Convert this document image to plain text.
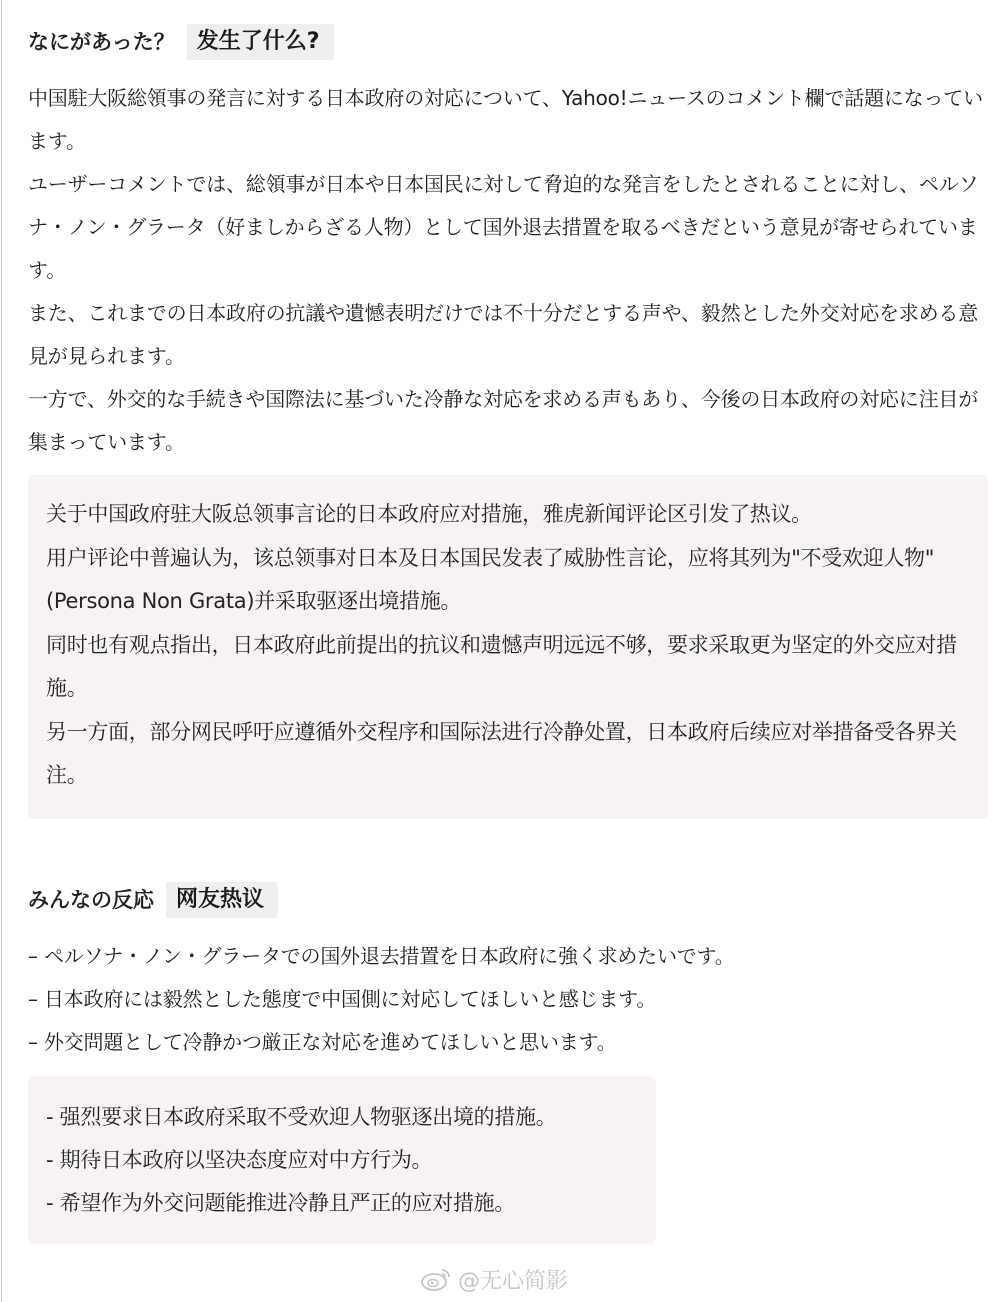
なにがあった？ 发生了什么?

中国駐大阪総領事の発言に対する日本政府の対応について、Yahoo!ニュースのコメント欄で話題になっています。

ユーザーコメントでは、総領事が日本や日本国民に対して脅迫的な発言をしたとされることに対し、ペルソナ・ノン・グラータ（好ましからざる人物）として国外退去措置を取るべきだという意見が寄せられています。

また、これまでの日本政府の抗議や遺憾表明だけでは不十分だとする声や、毅然とした外交対応を求める意見が見られます。

一方で、外交的な手続きや国際法に基づいた冷静な対応を求める声もあり、今後の日本政府の対応に注目が集まっています。

关于中国政府驻大阪总领事言论的日本政府应对措施，雅虎新闻评论区引发了热议。

用户评论中普遍认为，该总领事对日本及日本国民发表了威胁性言论，应将其列为"不受欢迎人物"(Persona Non Grata)并采取驱逐出境措施。

同时也有观点指出，日本政府此前提出的抗议和遗憾声明远远不够，要求采取更为坚定的外交应对措施。

另一方面，部分网民呼吁应遵循外交程序和国际法进行冷静处置，日本政府后续应对举措备受各界关注。

みんなの反応 网友热议
– ペルソナ・ノン・グラータでの国外退去措置を日本政府に強く求めたいです。
– 日本政府には毅然とした態度で中国側に対応してほしいと感じます。
– 外交問題として冷静かつ厳正な対応を進めてほしいと思います。
- 强烈要求日本政府采取不受欢迎人物驱逐出境的措施。
- 期待日本政府以坚决态度应对中方行为。
- 希望作为外交问题能推进冷静且严正的应对措施。
@无心简影
